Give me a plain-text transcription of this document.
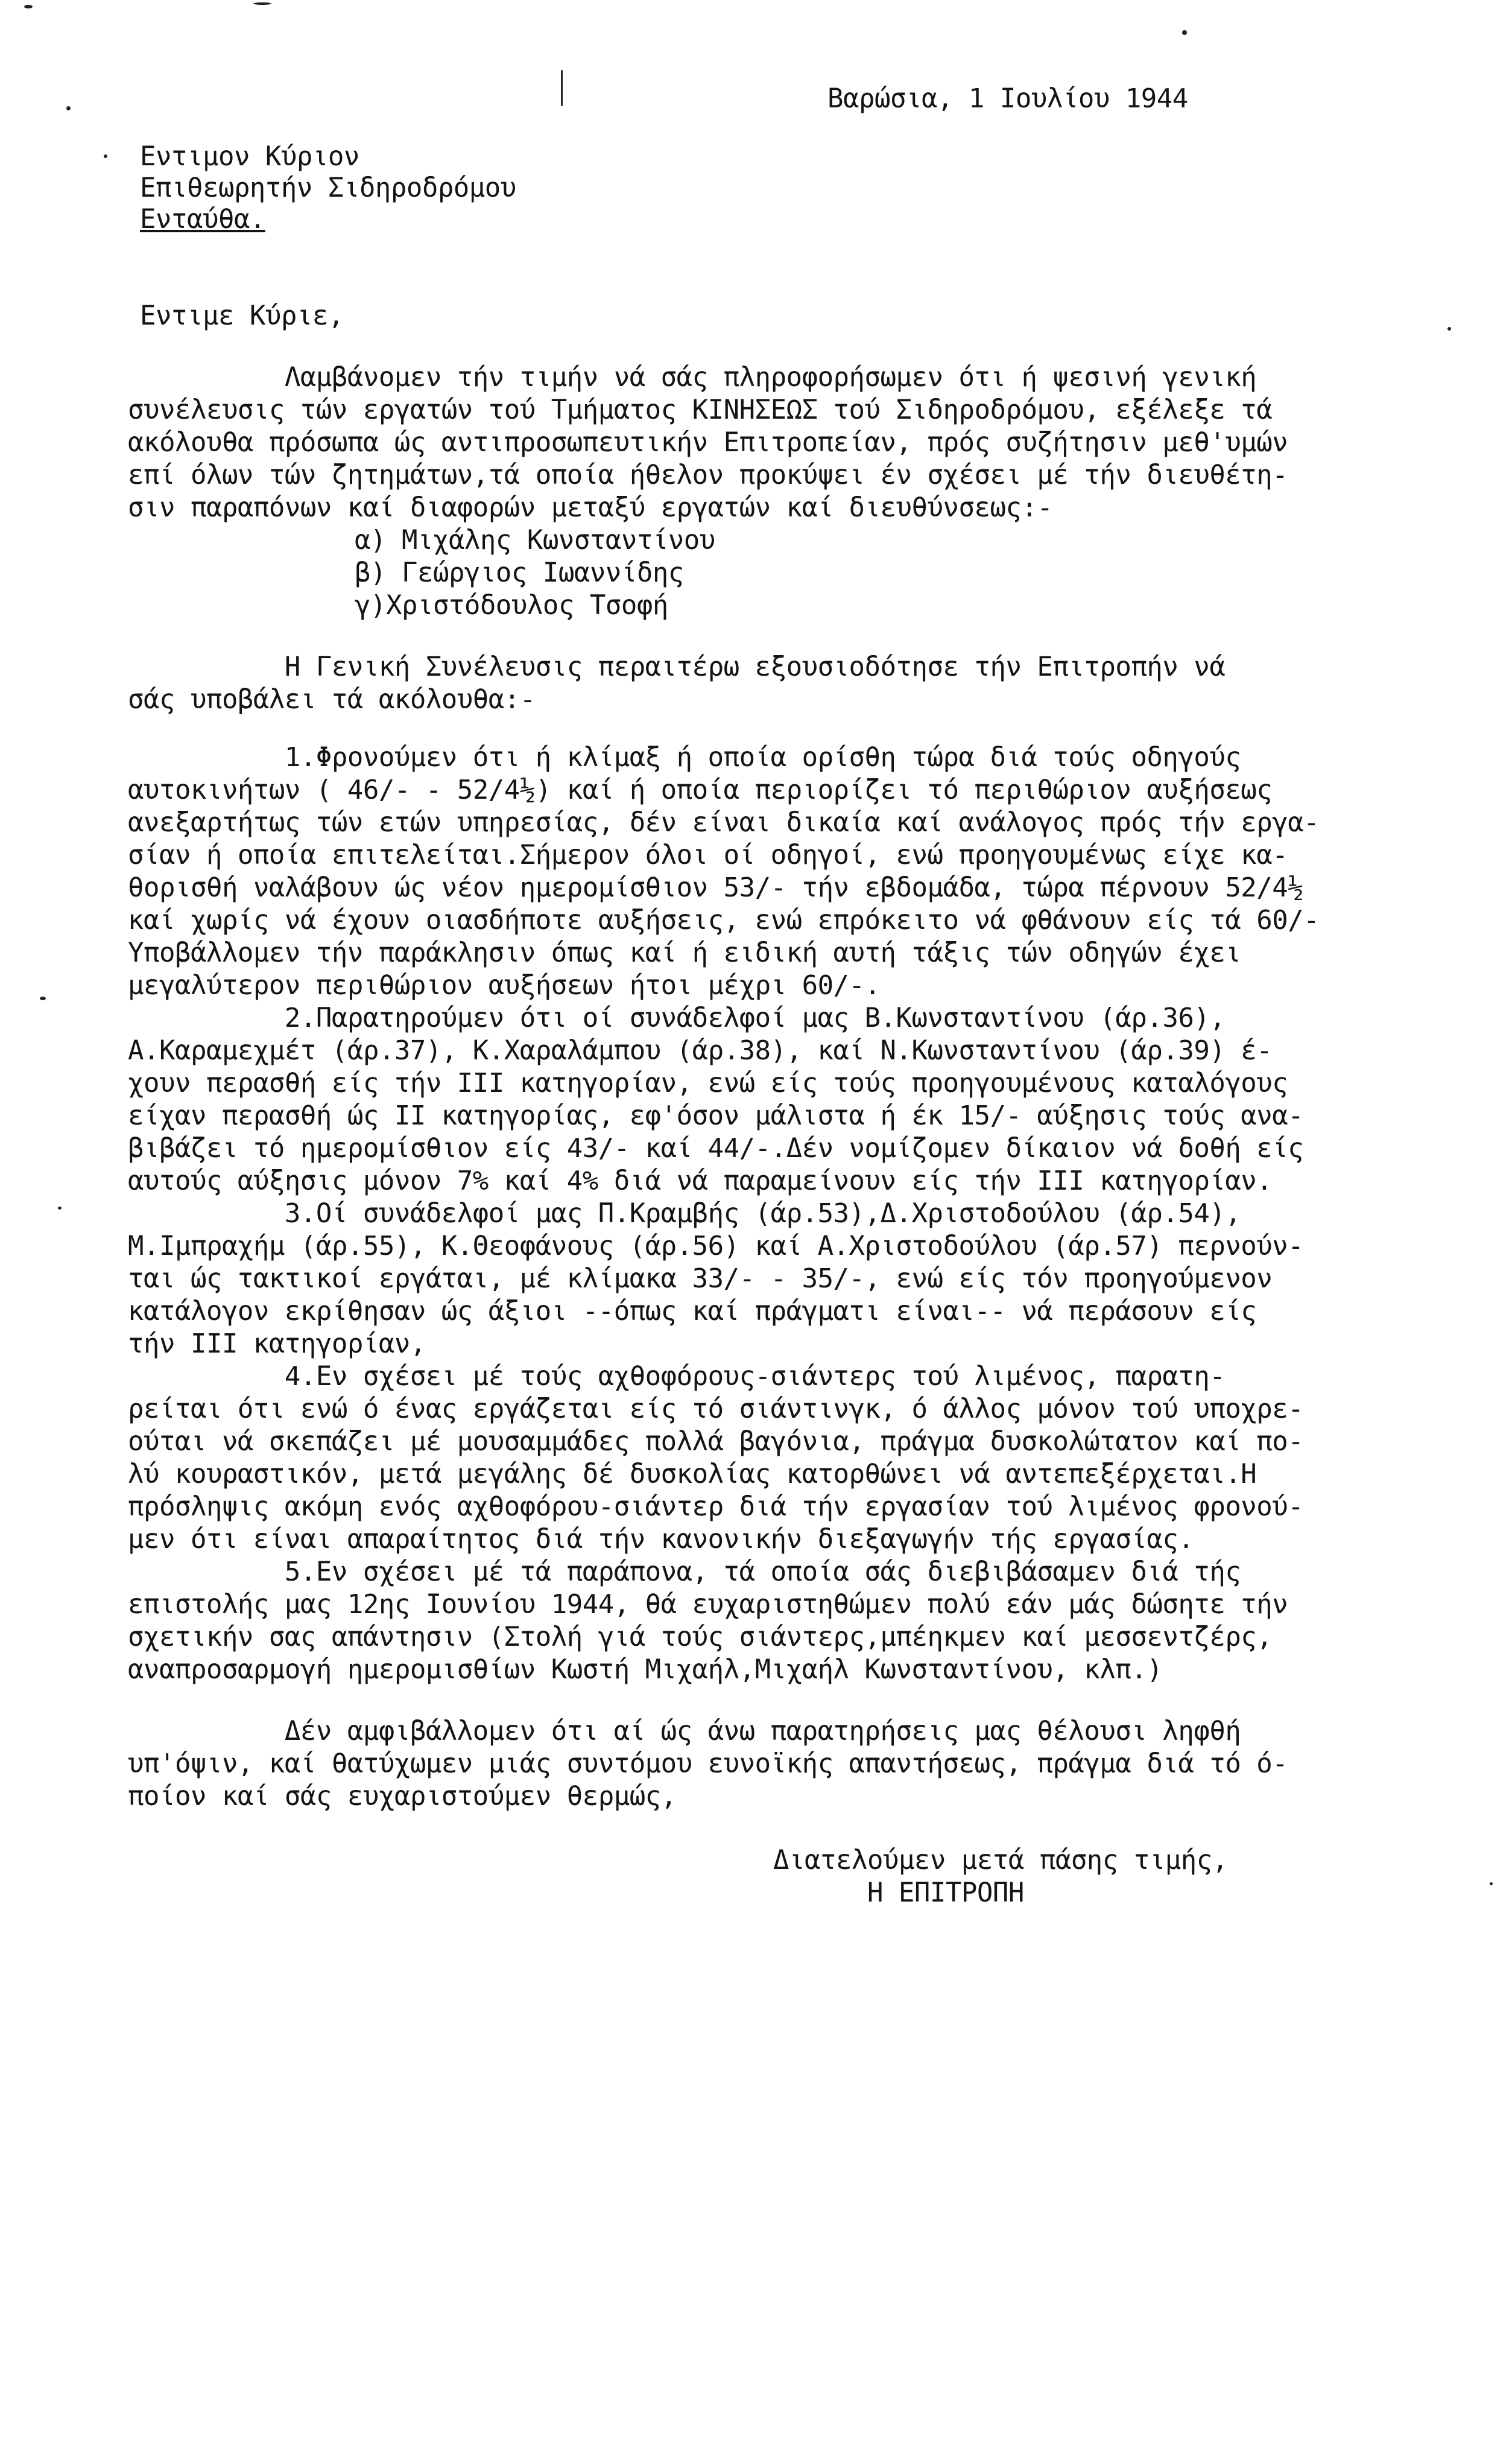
Βαρώσια, 1 Ιουλίου 1944
Εντιμον Κύριον
Επιθεωρητήν Σιδηροδρόμου
Ενταύθα.
Εντιμε Κύριε,
Λαμβάνομεν τήν τιμήν νά σάς πληροφορήσωμεν ότι ή ψεσινή γενική
συνέλευσις τών εργατών τού Τμήματος ΚΙΝΗΣΕΩΣ τού Σιδηροδρόμου, εξέλεξε τά
ακόλουθα πρόσωπα ώς αντιπροσωπευτικήν Επιτροπείαν, πρός συζήτησιν μεθ'υμών
επί όλων τών ζητημάτων,τά οποία ήθελον προκύψει έν σχέσει μέ τήν διευθέτη-
σιν παραπόνων καί διαφορών μεταξύ εργατών καί διευθύνσεως:-
α) Μιχάλης Κωνσταντίνου
β) Γεώργιος Ιωαννίδης
γ)Χριστόδουλος Τσοφή
Η Γενική Συνέλευσις περαιτέρω εξουσιοδότησε τήν Επιτροπήν νά
σάς υποβάλει τά ακόλουθα:-
1.Φρονούμεν ότι ή κλίμαξ ή οποία ορίσθη τώρα διά τούς οδηγούς
αυτοκινήτων ( 46/- - 52/4½) καί ή οποία περιορίζει τό περιθώριον αυξήσεως
ανεξαρτήτως τών ετών υπηρεσίας, δέν είναι δικαία καί ανάλογος πρός τήν εργα-
σίαν ή οποία επιτελείται.Σήμερον όλοι οί οδηγοί, ενώ προηγουμένως είχε κα-
θορισθή ναλάβουν ώς νέον ημερομίσθιον 53/- τήν εβδομάδα, τώρα πέρνουν 52/4½
καί χωρίς νά έχουν οιασδήποτε αυξήσεις, ενώ επρόκειτο νά φθάνουν είς τά 60/-
Υποβάλλομεν τήν παράκλησιν όπως καί ή ειδική αυτή τάξις τών οδηγών έχει
μεγαλύτερον περιθώριον αυξήσεων ήτοι μέχρι 60/-.
2.Παρατηρούμεν ότι οί συνάδελφοί μας Β.Κωνσταντίνου (άρ.36),
Α.Καραμεχμέτ (άρ.37), Κ.Χαραλάμπου (άρ.38), καί Ν.Κωνσταντίνου (άρ.39) έ-
χουν περασθή είς τήν III κατηγορίαν, ενώ είς τούς προηγουμένους καταλόγους
είχαν περασθή ώς II κατηγορίας, εφ'όσον μάλιστα ή έκ 15/- αύξησις τούς ανα-
βιβάζει τό ημερομίσθιον είς 43/- καί 44/-.Δέν νομίζομεν δίκαιον νά δοθή είς
αυτούς αύξησις μόνον 7% καί 4% διά νά παραμείνουν είς τήν III κατηγορίαν.
3.Οί συνάδελφοί μας Π.Κραμβής (άρ.53),Δ.Χριστοδούλου (άρ.54),
Μ.Ιμπραχήμ (άρ.55), Κ.Θεοφάνους (άρ.56) καί Α.Χριστοδούλου (άρ.57) περνούν-
ται ώς τακτικοί εργάται, μέ κλίμακα 33/- - 35/-, ενώ είς τόν προηγούμενον
κατάλογον εκρίθησαν ώς άξιοι --όπως καί πράγματι είναι-- νά περάσουν είς
τήν III κατηγορίαν,
4.Εν σχέσει μέ τούς αχθοφόρους-σιάντερς τού λιμένος, παρατη-
ρείται ότι ενώ ό ένας εργάζεται είς τό σιάντινγκ, ό άλλος μόνον τού υποχρε-
ούται νά σκεπάζει μέ μουσαμμάδες πολλά βαγόνια, πράγμα δυσκολώτατον καί πο-
λύ κουραστικόν, μετά μεγάλης δέ δυσκολίας κατορθώνει νά αντεπεξέρχεται.Η
πρόσληψις ακόμη ενός αχθοφόρου-σιάντερ διά τήν εργασίαν τού λιμένος φρονού-
μεν ότι είναι απαραίτητος διά τήν κανονικήν διεξαγωγήν τής εργασίας.
5.Εν σχέσει μέ τά παράπονα, τά οποία σάς διεβιβάσαμεν διά τής
επιστολής μας 12ης Ιουνίου 1944, θά ευχαριστηθώμεν πολύ εάν μάς δώσητε τήν
σχετικήν σας απάντησιν (Στολή γιά τούς σιάντερς,μπέηκμεν καί μεσσεντζέρς,
αναπροσαρμογή ημερομισθίων Κωστή Μιχαήλ,Μιχαήλ Κωνσταντίνου, κλπ.)
Δέν αμφιβάλλομεν ότι αί ώς άνω παρατηρήσεις μας θέλουσι ληφθή
υπ'όψιν, καί θατύχωμεν μιάς συντόμου ευνοϊκής απαντήσεως, πράγμα διά τό ό-
ποίον καί σάς ευχαριστούμεν θερμώς,
Διατελούμεν μετά πάσης τιμής,
Η ΕΠΙΤΡΟΠΗ
